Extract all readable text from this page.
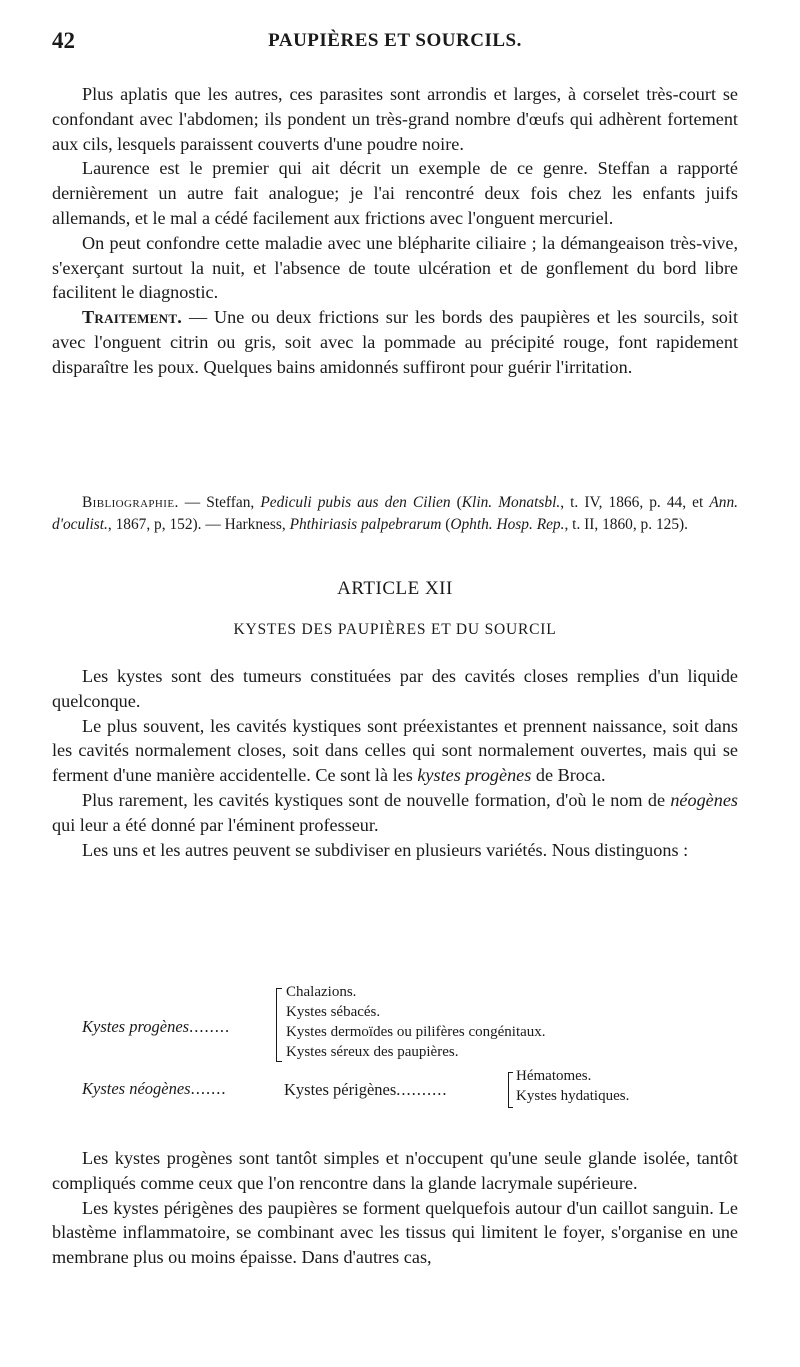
42	PAUPIÈRES ET SOURCILS.

Plus aplatis que les autres, ces parasites sont arrondis et larges, à corselet très-court se confondant avec l'abdomen; ils pondent un très-grand nombre d'œufs qui adhèrent fortement aux cils, lesquels paraissent couverts d'une poudre noire.

Laurence est le premier qui ait décrit un exemple de ce genre. Steffan a rapporté dernièrement un autre fait analogue; je l'ai rencontré deux fois chez les enfants juifs allemands, et le mal a cédé facilement aux frictions avec l'onguent mercuriel.

On peut confondre cette maladie avec une blépharite ciliaire ; la démangeaison très-vive, s'exerçant surtout la nuit, et l'absence de toute ulcération et de gonflement du bord libre facilitent le diagnostic.

Traitement. — Une ou deux frictions sur les bords des paupières et les sourcils, soit avec l'onguent citrin ou gris, soit avec la pommade au précipité rouge, font rapidement disparaître les poux. Quelques bains amidonnés suffiront pour guérir l'irritation.

Bibliographie. — Steffan, Pediculi pubis aus den Cilien (Klin. Monatsbl., t. IV, 1866, p. 44, et Ann. d'oculist., 1867, p, 152). — Harkness, Phthiriasis palpebrarum (Ophth. Hosp. Rep., t. II, 1860, p. 125).
ARTICLE XII
KYSTES DES PAUPIÈRES ET DU SOURCIL

Les kystes sont des tumeurs constituées par des cavités closes remplies d'un liquide quelconque.

Le plus souvent, les cavités kystiques sont préexistantes et prennent naissance, soit dans les cavités normalement closes, soit dans celles qui sont normalement ouvertes, mais qui se ferment d'une manière accidentelle. Ce sont là les kystes progènes de Broca.

Plus rarement, les cavités kystiques sont de nouvelle formation, d'où le nom de néogènes qui leur a été donné par l'éminent professeur.

Les uns et les autres peuvent se subdiviser en plusieurs variétés. Nous distinguons :

Kystes progènes........
Chalazions.
Kystes sébacés.
Kystes dermoïdes ou pilifères congénitaux.
Kystes séreux des paupières.
Kystes néogènes.......	Kystes périgènes..........
Hématomes.
Kystes hydatiques.

Les kystes progènes sont tantôt simples et n'occupent qu'une seule glande isolée, tantôt compliqués comme ceux que l'on rencontre dans la glande lacrymale supérieure.

Les kystes périgènes des paupières se forment quelquefois autour d'un caillot sanguin. Le blastème inflammatoire, se combinant avec les tissus qui limitent le foyer, s'organise en une membrane plus ou moins épaisse. Dans d'autres cas,
